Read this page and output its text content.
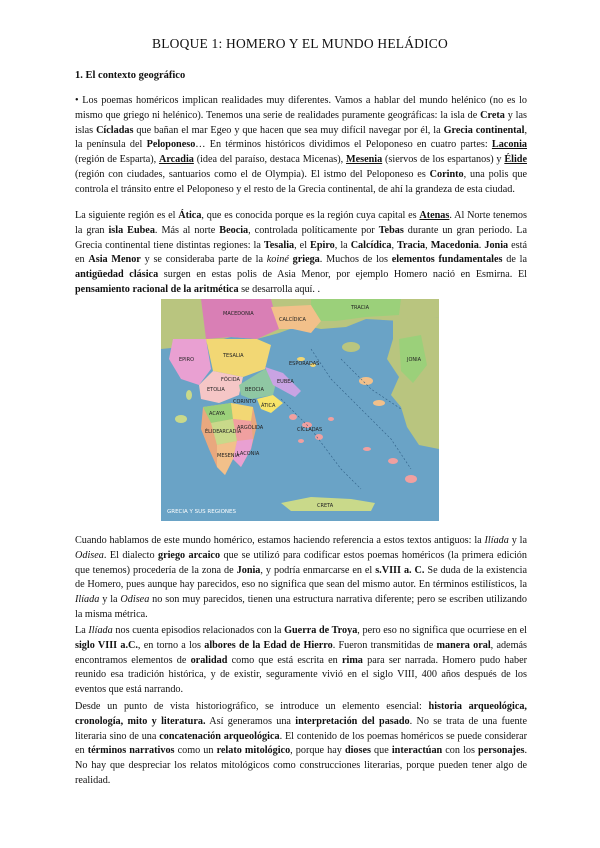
BLOQUE 1: HOMERO Y EL MUNDO HELÁDICO
1. El contexto geográfico

• Los poemas homéricos implican realidades muy diferentes. Vamos a hablar del mundo helénico (no es lo mismo que griego ni helénico). Tenemos una serie de realidades puramente geográficas: la isla de Creta y las islas Cícladas que bañan el mar Egeo y que hacen que sea muy difícil navegar por él, la Grecia continental, la península del Peloponeso… En términos históricos dividimos el Peloponeso en cuatro partes: Laconia (región de Esparta), Arcadia (idea del paraíso, destaca Micenas), Mesenia (siervos de los espartanos) y Élide (región con ciudades, santuarios como el de Olympia). El istmo del Peloponeso es Corinto, una polis que controla el tránsito entre el Peloponeso y el resto de la Grecia continental, de ahí la grandeza de esta ciudad.

La siguiente región es el Ática, que es conocida porque es la región cuya capital es Atenas. Al Norte tenemos la gran isla Eubea. Más al norte Beocia, controlada políticamente por Tebas durante un gran periodo. La Grecia continental tiene distintas regiones: la Tesalia, el Epiro, la Calcídica, Tracia, Macedonia. Jonia está en Asia Menor y se consideraba parte de la koiné griega. Muchos de los elementos fundamentales de la antigüedad clásica surgen en estas polis de Asia Menor, por ejemplo Homero nació en Esmirna. El pensamiento racional de la aritmética se desarrolla aquí. .

MACEDONIA
CALCÍDICA
TRACIA
EPIRO
TESALIA
ETOLIA	BEOCIA
ÁTICA
ACAYA
ÉLIDE ARCADIA
ARGÓLIDA
MESENIA
LACONIA
EUBEA
ESPORADAS
CÍCLADAS
JONIA
CRETA
CORINTO
FÓCIDA
GRECIA Y SUS REGIONES

Cuando hablamos de este mundo homérico, estamos haciendo referencia a estos textos antiguos: la Ilíada y la Odisea. El dialecto griego arcaico que se utilizó para codificar estos poemas homéricos (la primera edición que tenemos) procedería de la zona de Jonia, y podría enmarcarse en el s.VIII a. C. Se duda de la existencia de Homero, pues aunque hay parecidos, eso no significa que sean del mismo autor. En términos estilísticos, la Ilíada y la Odisea no son muy parecidos, tienen una estructura narrativa diferente; pero se escriben utilizando la misma métrica.

La Ilíada nos cuenta episodios relacionados con la Guerra de Troya, pero eso no significa que ocurriese en el siglo VIII a.C., en torno a los albores de la Edad de Hierro. Fueron transmitidas de manera oral, además encontramos elementos de oralidad como que está escrita en rima para ser narrada. Homero pudo haber reunido esa tradición histórica, y de existir, seguramente vivió en el siglo VIII, 400 años después de los eventos que está narrando.

Desde un punto de vista historiográfico, se introduce un elemento esencial: historia arqueológica, cronología, mito y literatura. Así generamos una interpretación del pasado. No se trata de una fuente literaria sino de una concatenación arqueológica. El contenido de los poemas homéricos se puede considerar en términos narrativos como un relato mitológico, porque hay dioses que interactúan con los personajes. No hay que despreciar los relatos mitológicos como construcciones literarias, porque pueden tener algo de realidad.
